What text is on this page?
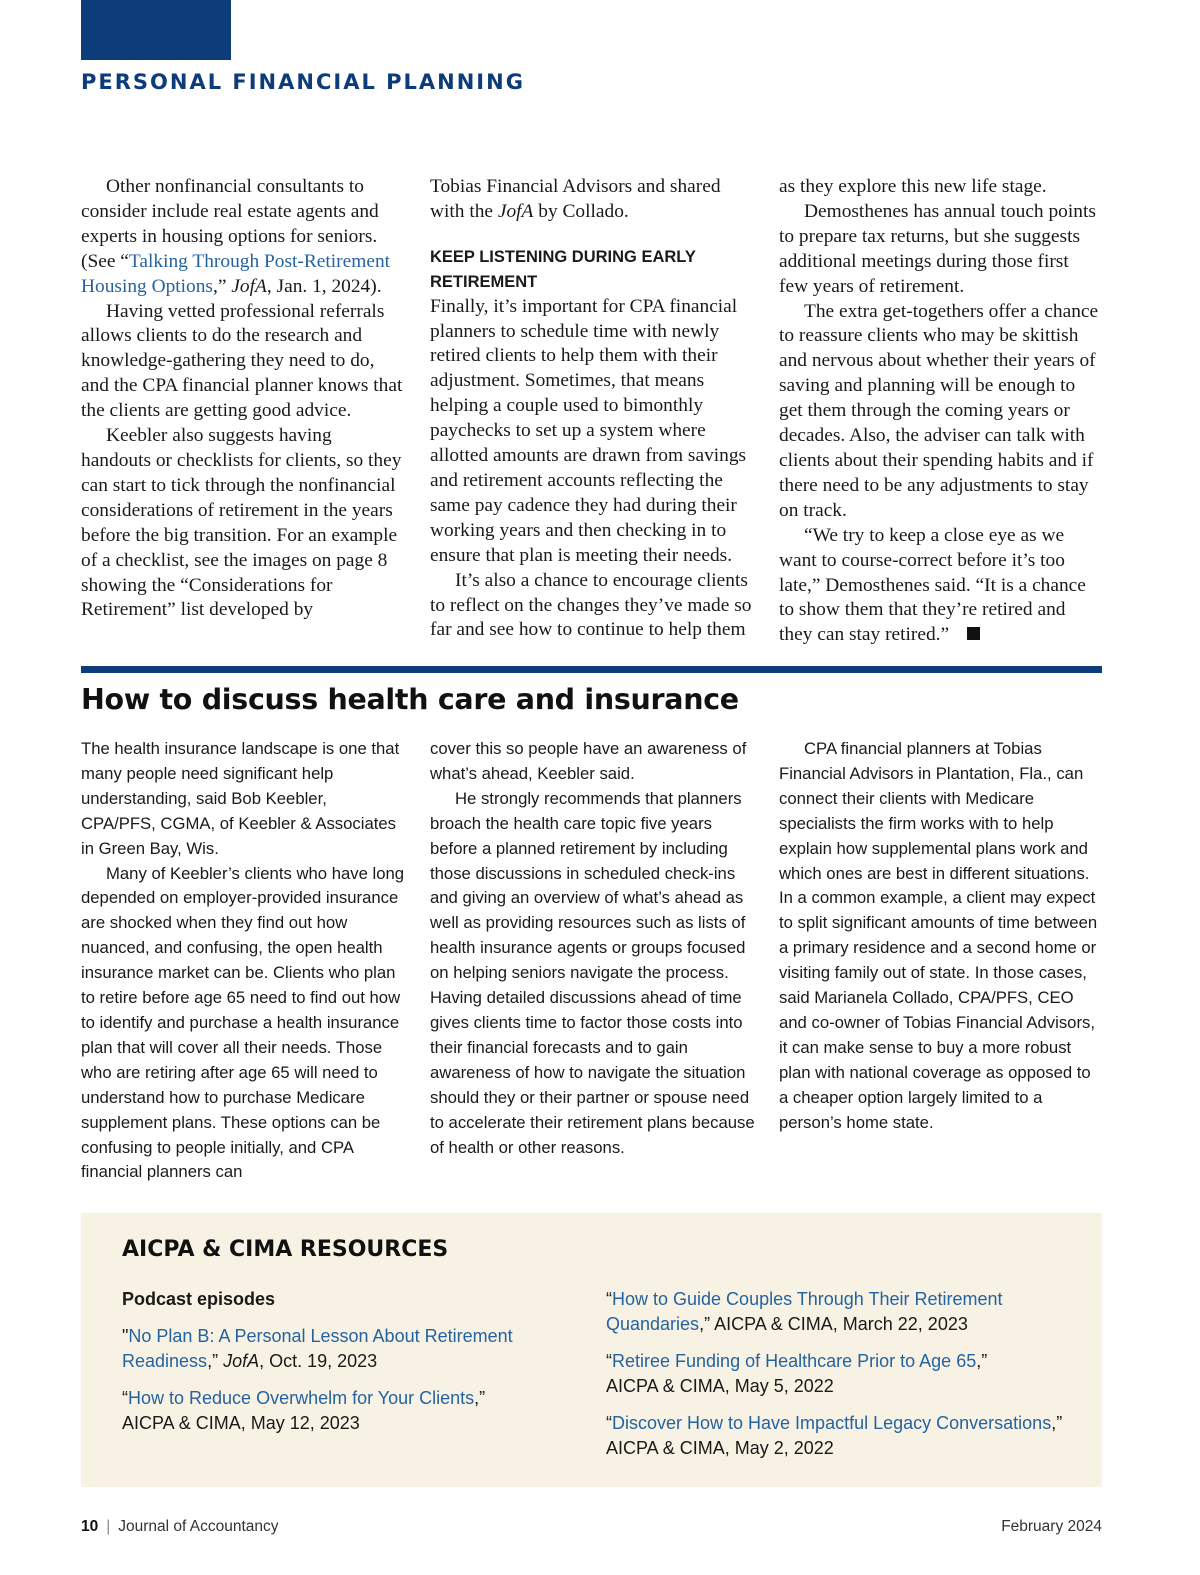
PERSONAL FINANCIAL PLANNING

Other nonfinancial consultants to consider include real estate agents and experts in housing options for seniors. (See “Talking Through Post-Retirement Housing Options,” JofA, Jan. 1, 2024).

Having vetted professional referrals allows clients to do the research and knowledge-gathering they need to do, and the CPA financial planner knows that the clients are getting good advice.

Keebler also suggests having handouts or checklists for clients, so they can start to tick through the nonfinancial considerations of retirement in the years before the big transition. For an example of a checklist, see the images on page 8 showing the “Considerations for Retirement” list developed by

Tobias Financial Advisors and shared with the JofA by Collado.

KEEP LISTENING DURING EARLY RETIREMENT

Finally, it’s important for CPA financial planners to schedule time with newly retired clients to help them with their adjustment. Sometimes, that means helping a couple used to bimonthly paychecks to set up a system where allotted amounts are drawn from savings and retirement accounts reflecting the same pay cadence they had during their working years and then checking in to ensure that plan is meeting their needs.

It’s also a chance to encourage clients to reflect on the changes they’ve made so far and see how to continue to help them

as they explore this new life stage.

Demosthenes has annual touch points to prepare tax returns, but she suggests additional meetings during those first few years of retirement.

The extra get-togethers offer a chance to reassure clients who may be skittish and nervous about whether their years of saving and planning will be enough to get them through the coming years or decades. Also, the adviser can talk with clients about their spending habits and if there need to be any adjustments to stay on track.

“We try to keep a close eye as we want to course-correct before it’s too late,” Demosthenes said. “It is a chance to show them that they’re retired and they can stay retired.”

How to discuss health care and insurance

The health insurance landscape is one that many people need significant help understanding, said Bob Keebler, CPA/PFS, CGMA, of Keebler & Associates in Green Bay, Wis.

Many of Keebler’s clients who have long depended on employer-provided insurance are shocked when they find out how nuanced, and confusing, the open health insurance market can be. Clients who plan to retire before age 65 need to find out how to identify and purchase a health insurance plan that will cover all their needs. Those who are retiring after age 65 will need to understand how to purchase Medicare supplement plans. These options can be confusing to people initially, and CPA financial planners can

cover this so people have an awareness of what’s ahead, Keebler said.

He strongly recommends that planners broach the health care topic five years before a planned retirement by including those discussions in scheduled check-ins and giving an overview of what’s ahead as well as providing resources such as lists of health insurance agents or groups focused on helping seniors navigate the process. Having detailed discussions ahead of time gives clients time to factor those costs into their financial forecasts and to gain awareness of how to navigate the situation should they or their partner or spouse need to accelerate their retirement plans because of health or other reasons.

CPA financial planners at Tobias Financial Advisors in Plantation, Fla., can connect their clients with Medicare specialists the firm works with to help explain how supplemental plans work and which ones are best in different situations. In a common example, a client may expect to split significant amounts of time between a primary residence and a second home or visiting family out of state. In those cases, said Marianela Collado, CPA/PFS, CEO and co-owner of Tobias Financial Advisors, it can make sense to buy a more robust plan with national coverage as opposed to a cheaper option largely limited to a person’s home state.

AICPA & CIMA RESOURCES
Podcast episodes
"No Plan B: A Personal Lesson About Retirement Readiness,” JofA, Oct. 19, 2023
“How to Reduce Overwhelm for Your Clients,”
AICPA & CIMA, May 12, 2023
“How to Guide Couples Through Their Retirement Quandaries,” AICPA & CIMA, March 22, 2023
“Retiree Funding of Healthcare Prior to Age 65,”
AICPA & CIMA, May 5, 2022
“Discover How to Have Impactful Legacy Conversations,”
AICPA & CIMA, May 2, 2022
10 | Journal of Accountancy	February 2024
